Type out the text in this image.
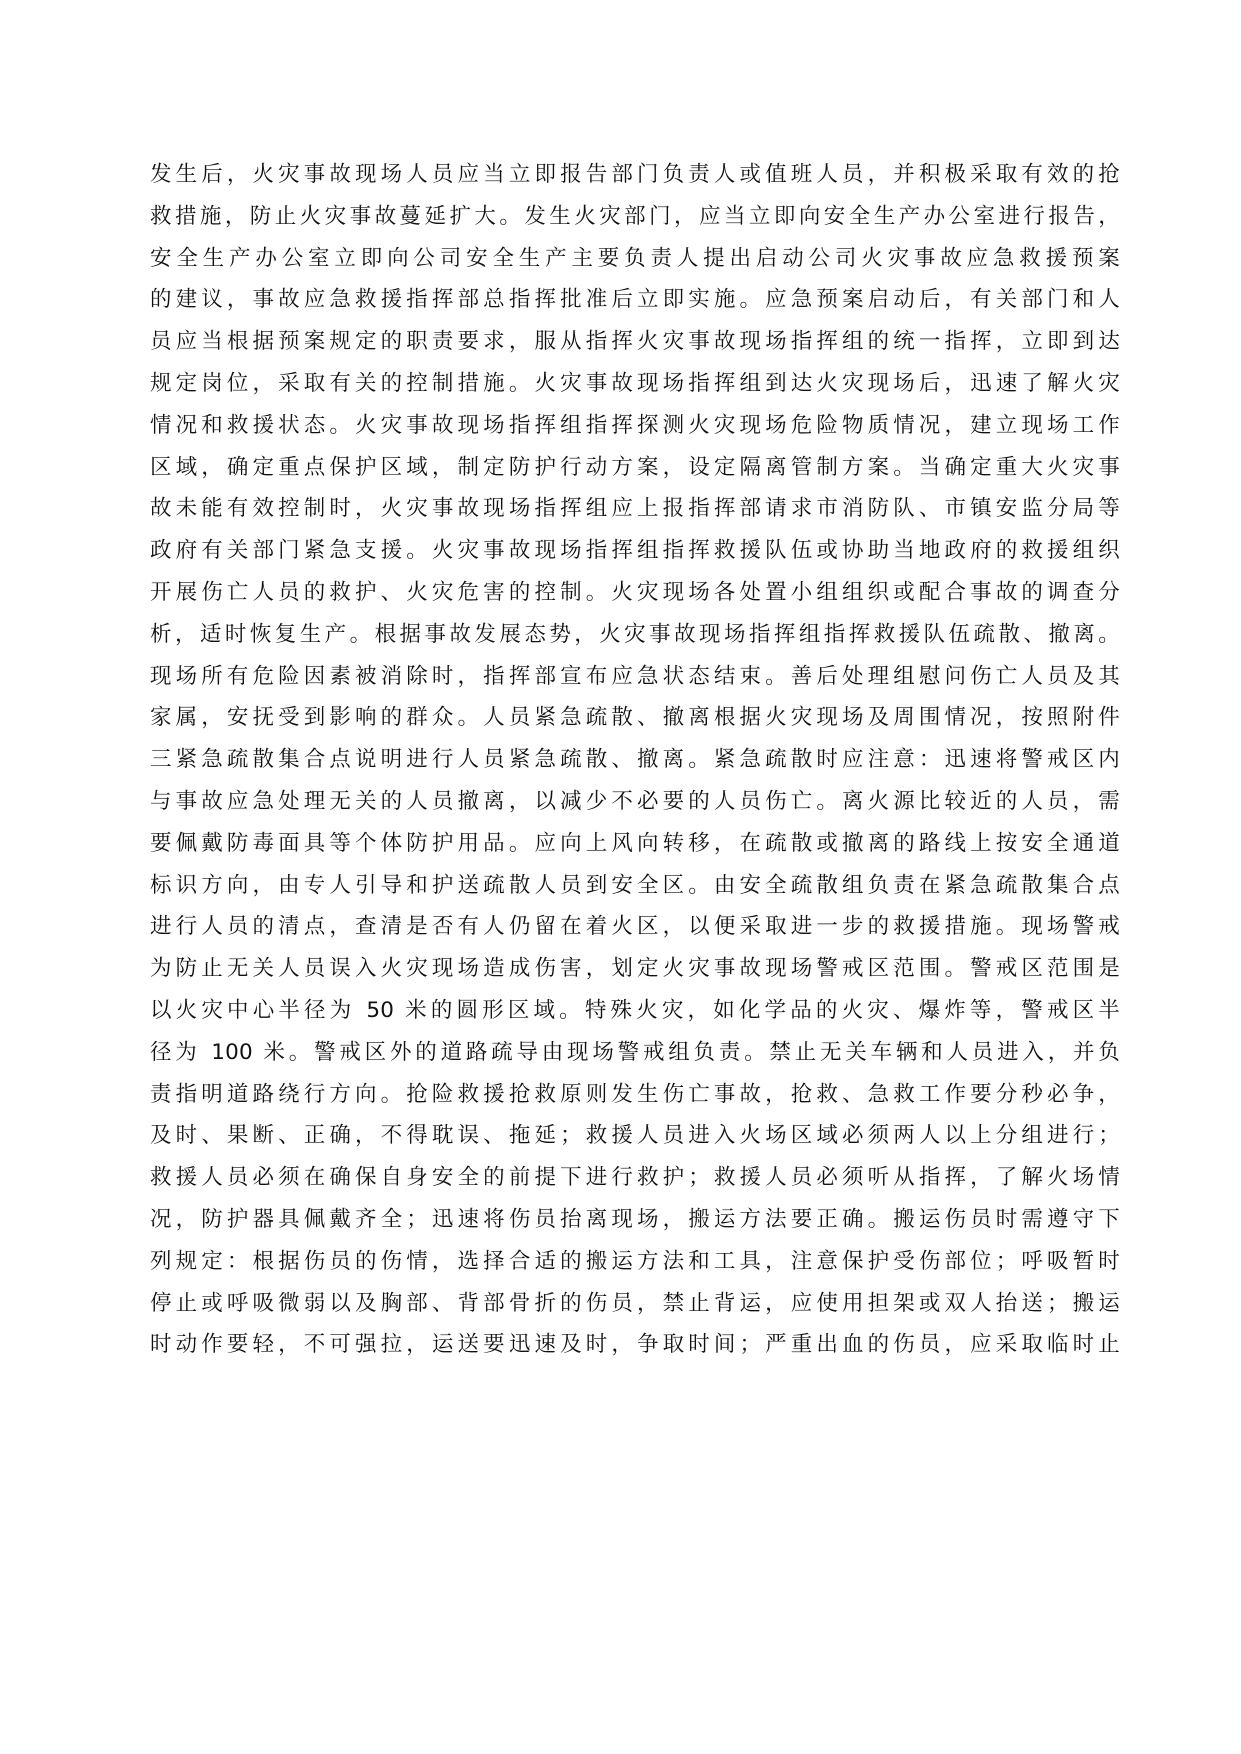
发生后，火灾事故现场人员应当立即报告部门负责人或值班人员，并积极采取有效的抢
救措施，防止火灾事故蔓延扩大。发生火灾部门，应当立即向安全生产办公室进行报告，
安全生产办公室立即向公司安全生产主要负责人提出启动公司火灾事故应急救援预案
的建议，事故应急救援指挥部总指挥批准后立即实施。应急预案启动后，有关部门和人
员应当根据预案规定的职责要求，服从指挥火灾事故现场指挥组的统一指挥，立即到达
规定岗位，采取有关的控制措施。火灾事故现场指挥组到达火灾现场后，迅速了解火灾
情况和救援状态。火灾事故现场指挥组指挥探测火灾现场危险物质情况，建立现场工作
区域，确定重点保护区域，制定防护行动方案，设定隔离管制方案。当确定重大火灾事
故未能有效控制时，火灾事故现场指挥组应上报指挥部请求市消防队、市镇安监分局等
政府有关部门紧急支援。火灾事故现场指挥组指挥救援队伍或协助当地政府的救援组织
开展伤亡人员的救护、火灾危害的控制。火灾现场各处置小组组织或配合事故的调查分
析，适时恢复生产。根据事故发展态势，火灾事故现场指挥组指挥救援队伍疏散、撤离。
现场所有危险因素被消除时，指挥部宣布应急状态结束。善后处理组慰问伤亡人员及其
家属，安抚受到影响的群众。人员紧急疏散、撤离根据火灾现场及周围情况，按照附件
三紧急疏散集合点说明进行人员紧急疏散、撤离。紧急疏散时应注意：迅速将警戒区内
与事故应急处理无关的人员撤离，以减少不必要的人员伤亡。离火源比较近的人员，需
要佩戴防毒面具等个体防护用品。应向上风向转移，在疏散或撤离的路线上按安全通道
标识方向，由专人引导和护送疏散人员到安全区。由安全疏散组负责在紧急疏散集合点
进行人员的清点，查清是否有人仍留在着火区，以便采取进一步的救援措施。现场警戒
为防止无关人员误入火灾现场造成伤害，划定火灾事故现场警戒区范围。警戒区范围是
以火灾中心半径为 50 米的圆形区域。特殊火灾，如化学品的火灾、爆炸等，警戒区半
径为 100 米。警戒区外的道路疏导由现场警戒组负责。禁止无关车辆和人员进入，并负
责指明道路绕行方向。抢险救援抢救原则发生伤亡事故，抢救、急救工作要分秒必争，
及时、果断、正确，不得耽误、拖延；救援人员进入火场区域必须两人以上分组进行；
救援人员必须在确保自身安全的前提下进行救护；救援人员必须听从指挥，了解火场情
况，防护器具佩戴齐全；迅速将伤员抬离现场，搬运方法要正确。搬运伤员时需遵守下
列规定：根据伤员的伤情，选择合适的搬运方法和工具，注意保护受伤部位；呼吸暂时
停止或呼吸微弱以及胸部、背部骨折的伤员，禁止背运，应使用担架或双人抬送；搬运
时动作要轻，不可强拉，运送要迅速及时，争取时间；严重出血的伤员，应采取临时止
